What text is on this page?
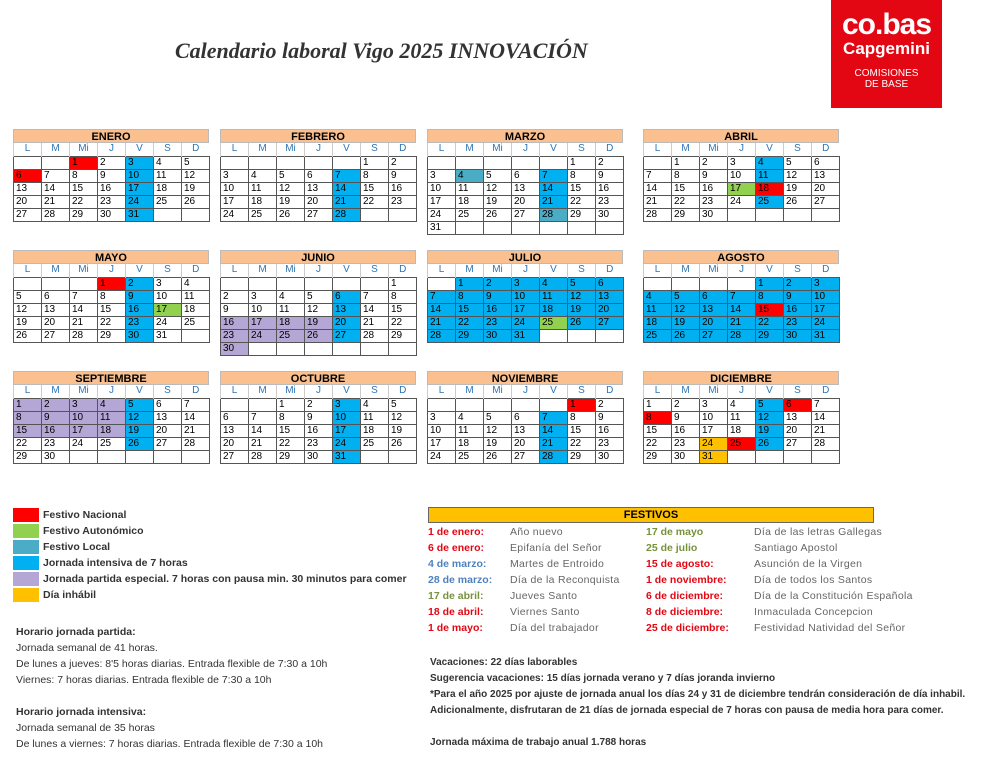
Calendario laboral Vigo 2025 INNOVACIÓN
co.bas
Capgemini
COMISIONES
DE BASE
ENERO
L	M	Mi	J	V	S	D
		1	2	3	4	5
6	7	8	9	10	11	12
13	14	15	16	17	18	19
20	21	22	23	24	25	26
27	28	29	30	31		
FEBRERO
L	M	Mi	J	V	S	D
					1	2
3	4	5	6	7	8	9
10	11	12	13	14	15	16
17	18	19	20	21	22	23
24	25	26	27	28		
MARZO
L	M	Mi	J	V	S	D
					1	2
3	4	5	6	7	8	9
10	11	12	13	14	15	16
17	18	19	20	21	22	23
24	25	26	27	28	29	30
31						
ABRIL
L	M	Mi	J	V	S	D
	1	2	3	4	5	6
7	8	9	10	11	12	13
14	15	16	17	18	19	20
21	22	23	24	25	26	27
28	29	30				
MAYO
L	M	Mi	J	V	S	D
			1	2	3	4
5	6	7	8	9	10	11
12	13	14	15	16	17	18
19	20	21	22	23	24	25
26	27	28	29	30	31	
JUNIO
L	M	Mi	J	V	S	D
						1
2	3	4	5	6	7	8
9	10	11	12	13	14	15
16	17	18	19	20	21	22
23	24	25	26	27	28	29
30						
JULIO
L	M	Mi	J	V	S	D
	1	2	3	4	5	6
7	8	9	10	11	12	13
14	15	16	17	18	19	20
21	22	23	24	25	26	27
28	29	30	31			
AGOSTO
L	M	Mi	J	V	S	D
				1	2	3
4	5	6	7	8	9	10
11	12	13	14	15	16	17
18	19	20	21	22	23	24
25	26	27	28	29	30	31
SEPTIEMBRE
L	M	Mi	J	V	S	D
1	2	3	4	5	6	7
8	9	10	11	12	13	14
15	16	17	18	19	20	21
22	23	24	25	26	27	28
29	30					
OCTUBRE
L	M	Mi	J	V	S	D
		1	2	3	4	5
6	7	8	9	10	11	12
13	14	15	16	17	18	19
20	21	22	23	24	25	26
27	28	29	30	31		
NOVIEMBRE
L	M	Mi	J	V	S	D
					1	2
3	4	5	6	7	8	9
10	11	12	13	14	15	16
17	18	19	20	21	22	23
24	25	26	27	28	29	30
DICIEMBRE
L	M	Mi	J	V	S	D
1	2	3	4	5	6	7
8	9	10	11	12	13	14
15	16	17	18	19	20	21
22	23	24	25	26	27	28
29	30	31				
Festivo Nacional
Festivo Autonómico
Festivo Local
Jornada intensiva de 7 horas
Jornada partida especial. 7 horas con pausa min. 30 minutos para comer
Día inhábil
Horario jornada partida:
Jornada semanal de 41 horas.
De lunes a jueves: 8'5 horas diarias. Entrada flexible de 7:30 a 10h
Viernes: 7 horas diarias. Entrada flexible de 7:30 a 10h
Horario jornada intensiva:
Jornada semanal de 35 horas
De lunes a viernes: 7 horas diarias. Entrada flexible de 7:30 a 10h
FESTIVOS
1 de enero:	Año nuevo	17 de mayo	Día de las letras Gallegas
6 de enero:	Epifanía del Señor	25 de julio	Santiago Apostol
4 de marzo:	Martes de Entroido	15 de agosto:	Asunción de la Virgen
28 de marzo:	Día de la Reconquista	1 de noviembre:	Día de todos los Santos
17 de abril:	Jueves Santo	6 de diciembre:	Día de la Constitución Española
18 de abril:	Viernes Santo	8 de diciembre:	Inmaculada Concepcion
1 de mayo:	Día del trabajador	25 de diciembre:	Festividad Natividad del Señor
Vacaciones: 22 días laborables
Sugerencia vacaciones: 15 días jornada verano y 7 días joranda invierno
*Para el año 2025 por ajuste de jornada anual los días 24 y 31 de diciembre tendrán consideración de día inhabil.
Adicionalmente, disfrutaran de 21 días de jornada especial de 7 horas con pausa de media hora para comer.
Jornada máxima de trabajo anual 1.788 horas
